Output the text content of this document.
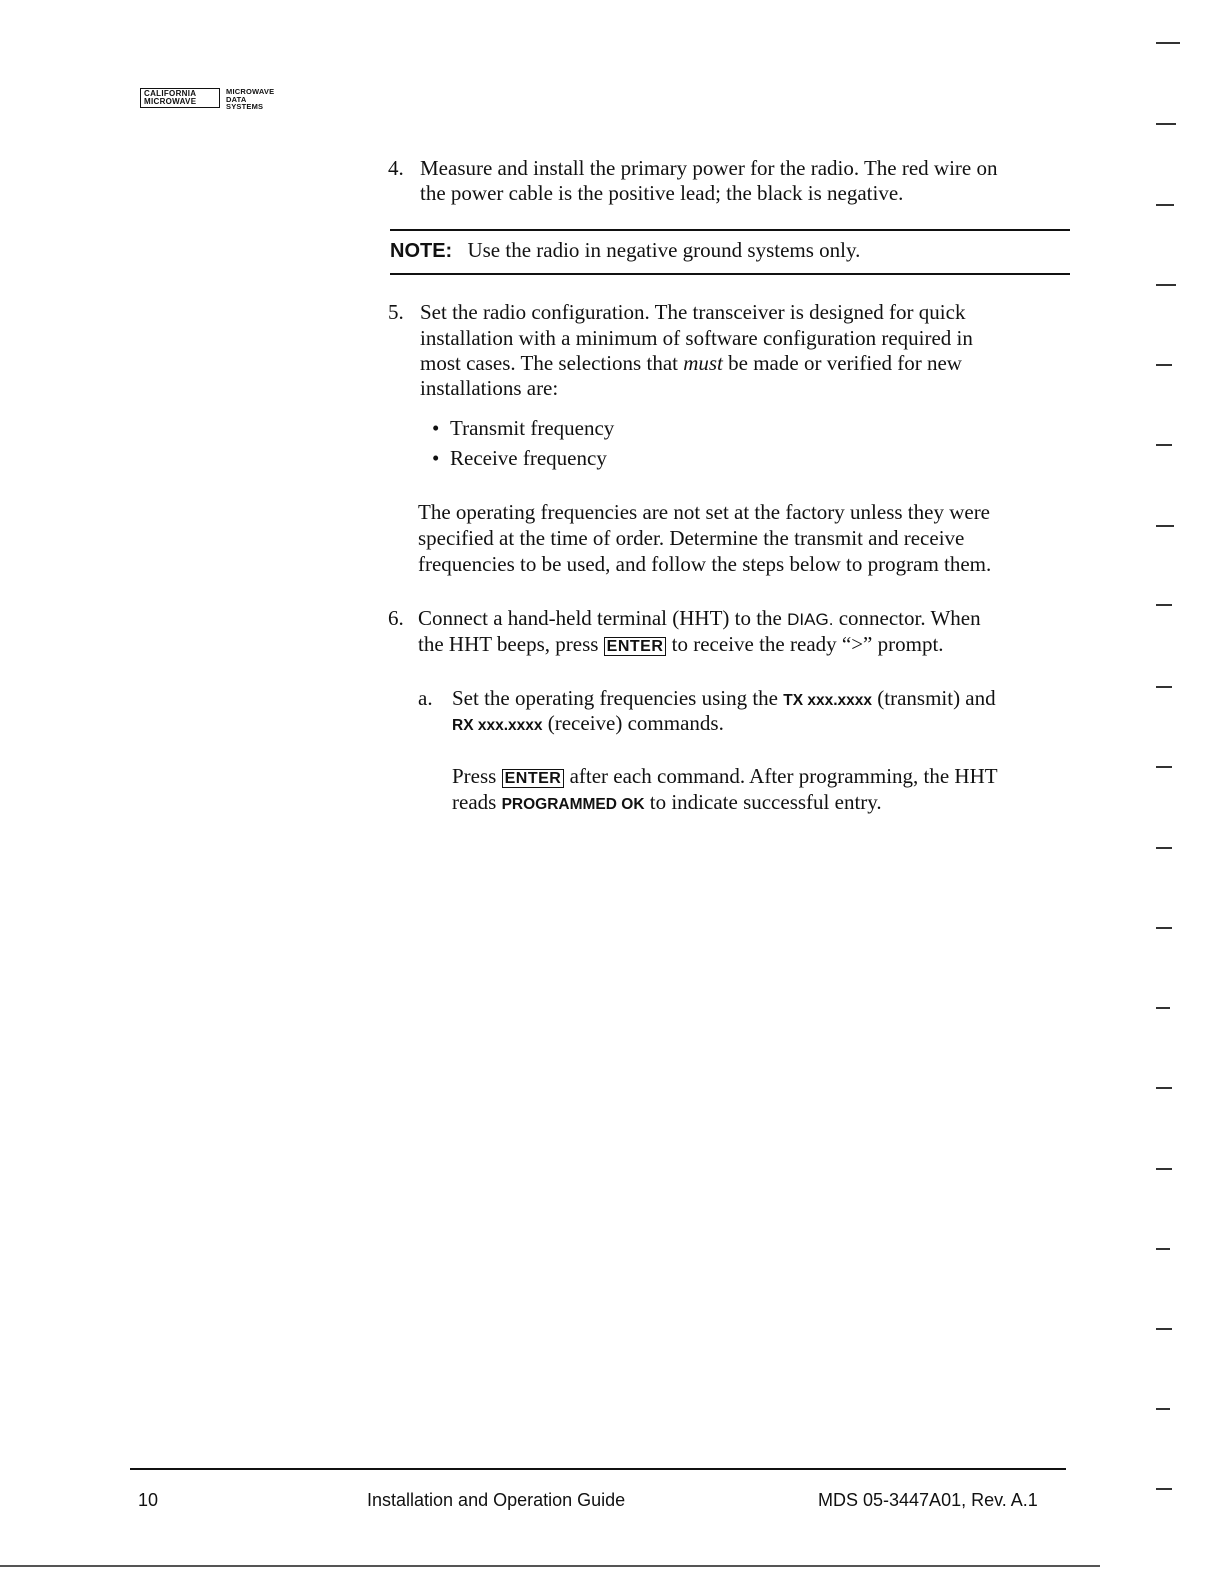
CALIFORNIA
MICROWAVE
MICROWAVE
DATA
SYSTEMS
4. Measure and install the primary power for the radio. The red wire on
the power cable is the positive lead; the black is negative.
NOTE: Use the radio in negative ground systems only.
5. Set the radio configuration. The transceiver is designed for quick
installation with a minimum of software configuration required in
most cases. The selections that must be made or verified for new
installations are:
• Transmit frequency
• Receive frequency
The operating frequencies are not set at the factory unless they were
specified at the time of order. Determine the transmit and receive
frequencies to be used, and follow the steps below to program them.
6. Connect a hand-held terminal (HHT) to the DIAG. connector. When
the HHT beeps, press ENTER to receive the ready “>” prompt.
a. Set the operating frequencies using the TX xxx.xxxx (transmit) and
RX xxx.xxxx (receive) commands.
Press ENTER after each command. After programming, the HHT
reads PROGRAMMED OK to indicate successful entry.
10	Installation and Operation Guide	MDS 05-3447A01, Rev. A.1
